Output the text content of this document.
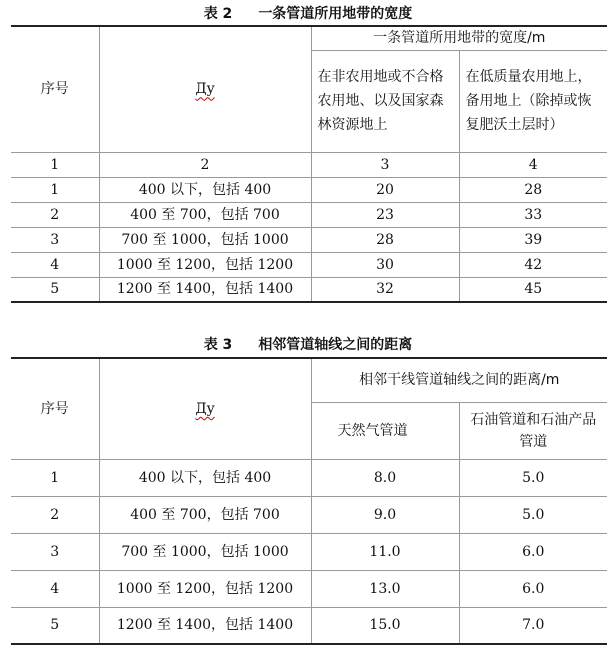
表 2 一条管道所用地带的宽度
序号	Дy	一条管道所用地带的宽度/m	
		在非农用地或不合格农用地、以及国家森林资源地上	在低质量农用地上，备用地上（除掉或恢复肥沃土层时）
1	2	3	4
1	400 以下，包括 400	20	28
2	400 至 700，包括 700	23	33
3	700 至 1000，包括 1000	28	39
4	1000 至 1200，包括 1200	30	42
5	1200 至 1400，包括 1400	32	45
表 3 相邻管道轴线之间的距离
序号	Дy	相邻干线管道轴线之间的距离/m	
		天然气管道	石油管道和石油产品管道
1	400 以下，包括 400	8.0	5.0
2	400 至 700，包括 700	9.0	5.0
3	700 至 1000，包括 1000	11.0	6.0
4	1000 至 1200，包括 1200	13.0	6.0
5	1200 至 1400，包括 1400	15.0	7.0
